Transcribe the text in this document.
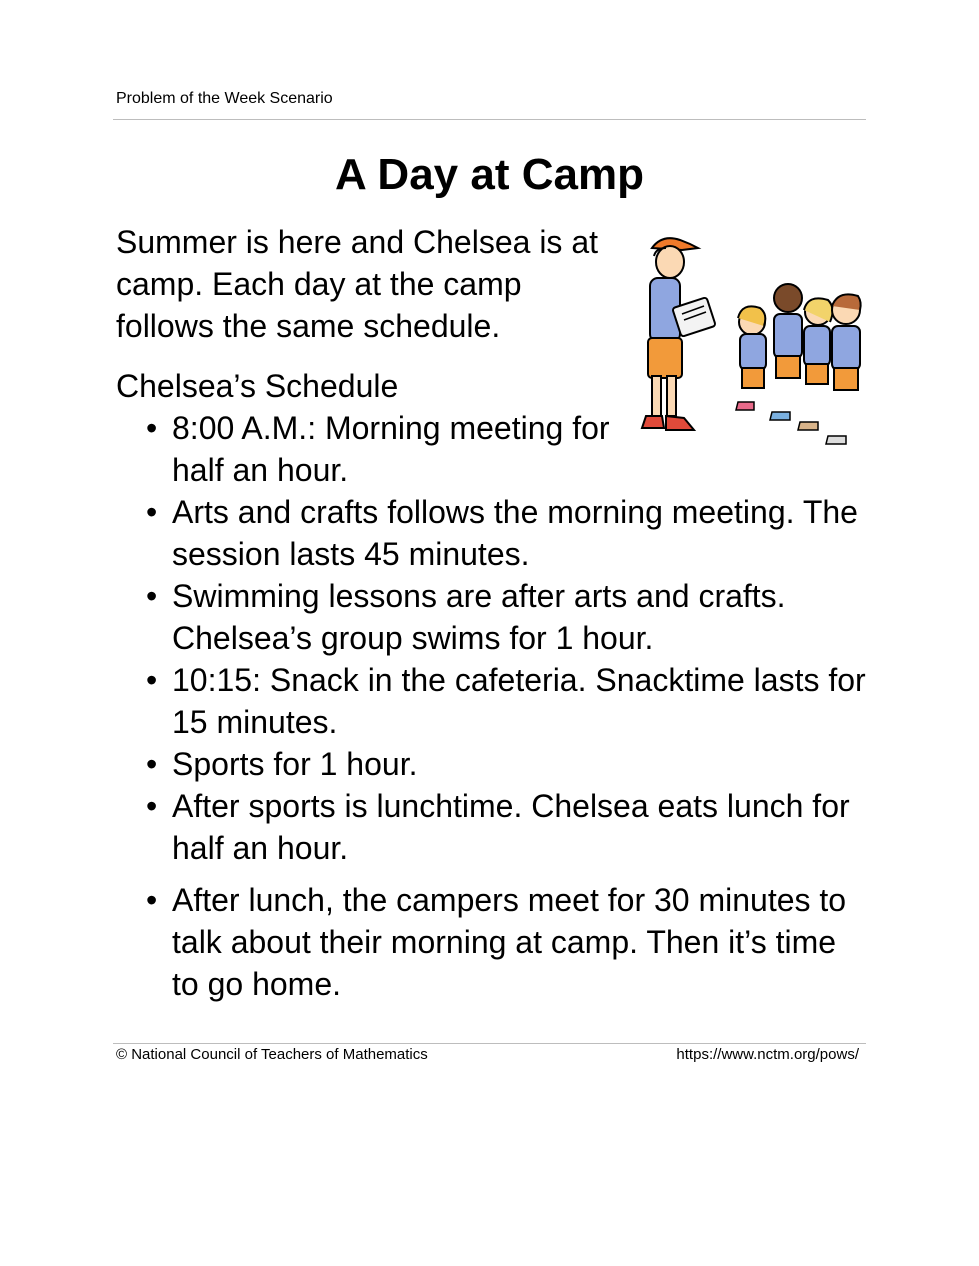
Problem of the Week Scenario
A Day at Camp
Summer is here and Chelsea is at camp. Each day at the camp follows the same schedule.
Chelsea’s Schedule
• 8:00 A.M.: Morning meeting for half an hour.
• Arts and crafts follows the morning meeting. The session lasts 45 minutes.
• Swimming lessons are after arts and crafts. Chelsea’s group swims for 1 hour.
• 10:15: Snack in the cafeteria. Snacktime lasts for 15 minutes.
• Sports for 1 hour.
• After sports is lunchtime. Chelsea eats lunch for half an hour.
• After lunch, the campers meet for 30 minutes to talk about their morning at camp. Then it’s time to go home.
© National Council of Teachers of Mathematics	https://www.nctm.org/pows/
